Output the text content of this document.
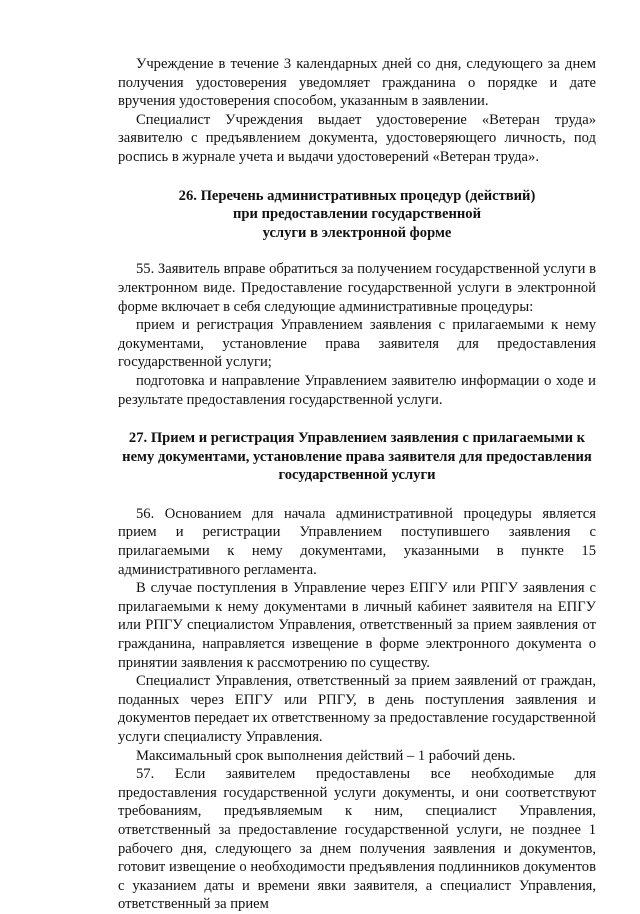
Учреждение в течение 3 календарных дней со дня, следующего за днем получения удостоверения уведомляет гражданина о порядке и дате вручения удостоверения способом, указанным в заявлении.

Специалист Учреждения выдает удостоверение «Ветеран труда» заявителю с предъявлением документа, удостоверяющего личность, под роспись в журнале учета и выдачи удостоверений «Ветеран труда».

26. Перечень административных процедур (действий)
при предоставлении государственной
услуги в электронной форме

55. Заявитель вправе обратиться за получением государственной услуги в электронном виде. Предоставление государственной услуги в электронной форме включает в себя следующие административные процедуры:

прием и регистрация Управлением заявления с прилагаемыми к нему документами, установление права заявителя для предоставления государственной услуги;

подготовка и направление Управлением заявителю информации о ходе и результате предоставления государственной услуги.

27. Прием и регистрация Управлением заявления с прилагаемыми к
нему документами, установление права заявителя для предоставления
государственной услуги

56. Основанием для начала административной процедуры является прием и регистрации Управлением поступившего заявления с прилагаемыми к нему документами, указанными в пункте 15 административного регламента.

В случае поступления в Управление через ЕПГУ или РПГУ заявления с прилагаемыми к нему документами в личный кабинет заявителя на ЕПГУ или РПГУ специалистом Управления, ответственный за прием заявления от гражданина, направляется извещение в форме электронного документа о принятии заявления к рассмотрению по существу.

Специалист Управления, ответственный за прием заявлений от граждан, поданных через ЕПГУ или РПГУ, в день поступления заявления и документов передает их ответственному за предоставление государственной услуги специалисту Управления.

Максимальный срок выполнения действий – 1 рабочий день.

57. Если заявителем предоставлены все необходимые для предоставления государственной услуги документы, и они соответствуют требованиям, предъявляемым к ним, специалист Управления, ответственный за предоставление государственной услуги, не позднее 1 рабочего дня, следующего за днем получения заявления и документов, готовит извещение о необходимости предъявления подлинников документов с указанием даты и времени явки заявителя, а специалист Управления, ответственный за прием
